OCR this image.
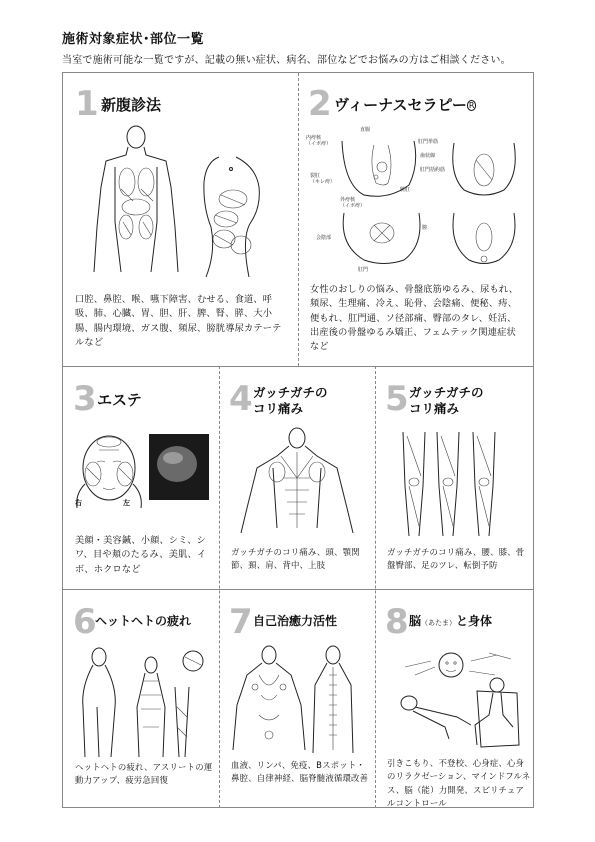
施術対象症状･部位一覧
当室で施術可能な一覧ですが、記載の無い症状、病名、部位などでお悩みの方はご相談ください。
1 新腹診法
口腔、鼻腔、喉、嚥下障害、むせる、食道、呼吸、肺、心臓、胃、胆、肝、脾、腎、膵、大小腸、腸内環境、ガス腹、頻尿、膀胱導尿カテーテルなど
2 ヴィーナスセラピー R
直腸
内痔核
（イボ痔）	肛門挙筋
歯状線
裂肛
（キレ痔）
肛門括約筋
脱肛
外痔核
（イボ痔）
膣
会陰部
肛門
女性のおしりの悩み、骨盤底筋ゆるみ、尿もれ、頻尿、生理痛、冷え、恥骨、会陰痛、便秘、痔、便もれ、肛門通、ソ径部痛、臀部のタレ、妊活、出産後の骨盤ゆるみ矯正、フェムテック関連症状など
3 エステ
右	左
美顔・美容鍼、小顔、シミ、シワ、目や頬のたるみ、美肌、イボ、ホクロなど
4 ガッチガチの
コリ痛み
ガッチガチのコリ痛み、頭、顎関節、頚、肩、背中、上肢
5 ガッチガチの
コリ痛み
ガッチガチのコリ痛み、腰、膝、骨盤臀部、足のツレ、転倒予防
6
ヘットヘトの疲れ
ヘットヘトの疲れ、アスリートの運動力アップ、疲労急回復
7 自己治癒力活性
血液、リンパ、免疫、Bスポット・鼻腔、自律神経、脳脊髄液循環改善
8 脳（あたま）と身体
引きこもり、不登校、心身症、心身のリラクゼーション、マインドフルネス、脳（能）力開発、スピリチュアルコントロール
